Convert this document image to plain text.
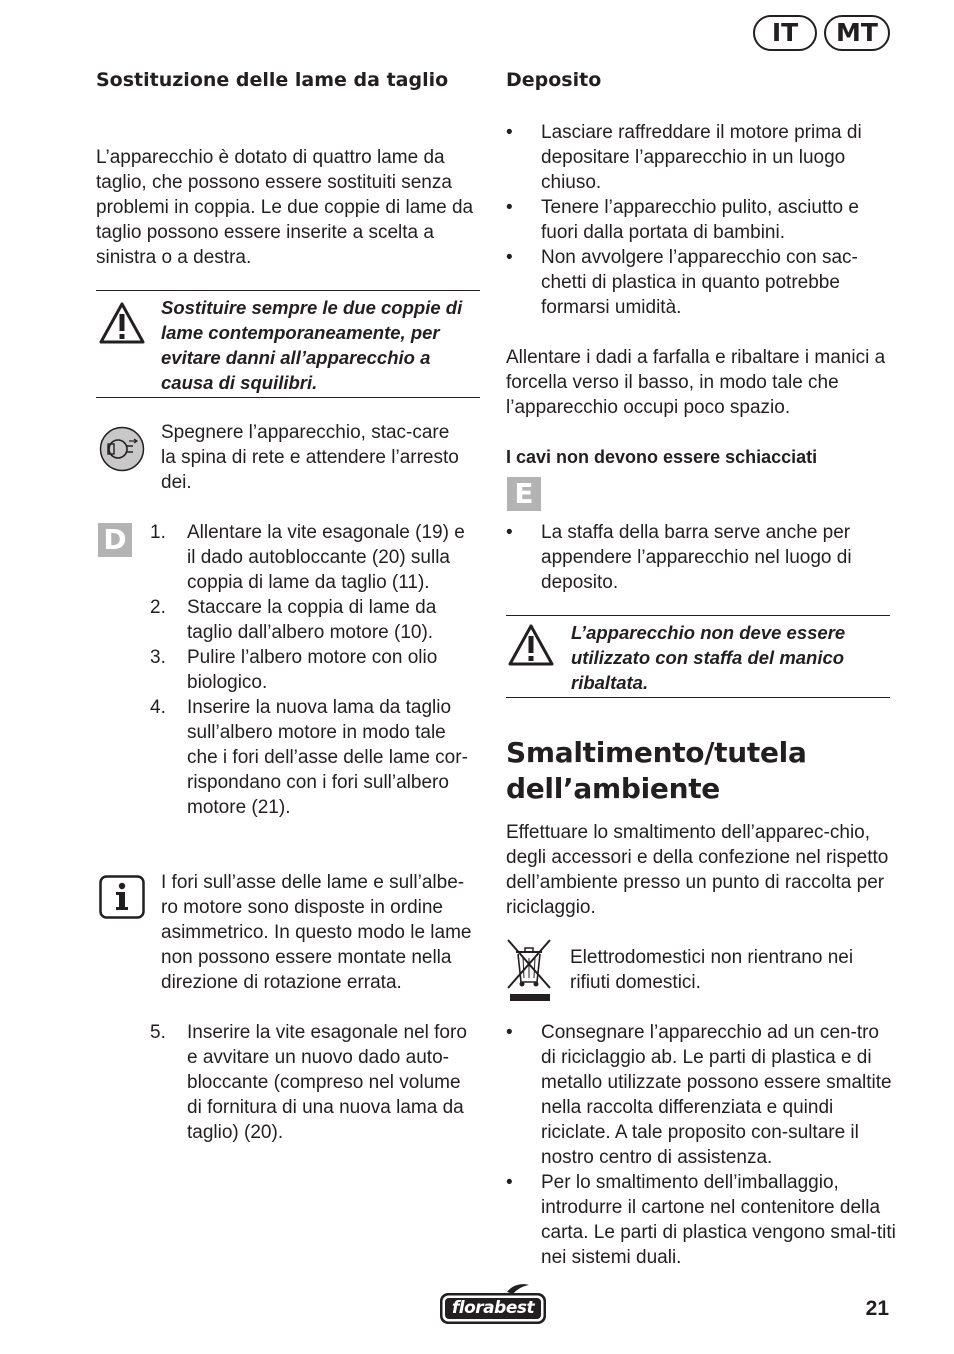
IT	MT
Sostituzione delle lame da taglio
L’apparecchio è dotato di quattro lame da taglio, che possono essere sostituiti senza problemi in coppia. Le due coppie di lame da taglio possono essere inserite a scelta a sinistra o a destra.
Sostituire sempre le due coppie di lame contemporaneamente, per evitare danni all’apparecchio a causa di squilibri.
Spegnere l’apparecchio, stac-care la spina di rete e attendere l’arresto dei.
D 1. Allentare la vite esagonale (19) e il dado autobloccante (20) sulla coppia di lame da taglio (11).
2. Staccare la coppia di lame da taglio dall’albero motore (10).
3. Pulire l’albero motore con olio biologico.
4. Inserire la nuova lama da taglio sull’albero motore in modo tale che i fori dell’asse delle lame cor-rispondano con i fori sull’albero motore (21).
I fori sull’asse delle lame e sull’albe-ro motore sono disposte in ordine asimmetrico. In questo modo le lame non possono essere montate nella direzione di rotazione errata.
5. Inserire la vite esagonale nel foro e avvitare un nuovo dado auto-bloccante (compreso nel volume di fornitura di una nuova lama da taglio) (20).
Deposito
• Lasciare raffreddare il motore prima di depositare l’apparecchio in un luogo chiuso.
• Tenere l’apparecchio pulito, asciutto e fuori dalla portata di bambini.
• Non avvolgere l’apparecchio con sac-chetti di plastica in quanto potrebbe formarsi umidità.
Allentare i dadi a farfalla e ribaltare i manici a forcella verso il basso, in modo tale che l’apparecchio occupi poco spazio.
I cavi non devono essere schiacciati
E
• La staffa della barra serve anche per appendere l’apparecchio nel luogo di deposito.
L’apparecchio non deve essere utilizzato con staffa del manico ribaltata.
Smaltimento/tutela dell’ambiente
Effettuare lo smaltimento dell’apparec-chio, degli accessori e della confezione nel rispetto dell’ambiente presso un punto di raccolta per riciclaggio.
Elettrodomestici non rientrano nei rifiuti domestici.
• Consegnare l’apparecchio ad un cen-tro di riciclaggio ab. Le parti di plastica e di metallo utilizzate possono essere smaltite nella raccolta differenziata e quindi riciclate. A tale proposito con-sultare il nostro centro di assistenza.
• Per lo smaltimento dell’imballaggio, introdurre il cartone nel contenitore della carta. Le parti di plastica vengono smal-titi nei sistemi duali.
florabest	21
